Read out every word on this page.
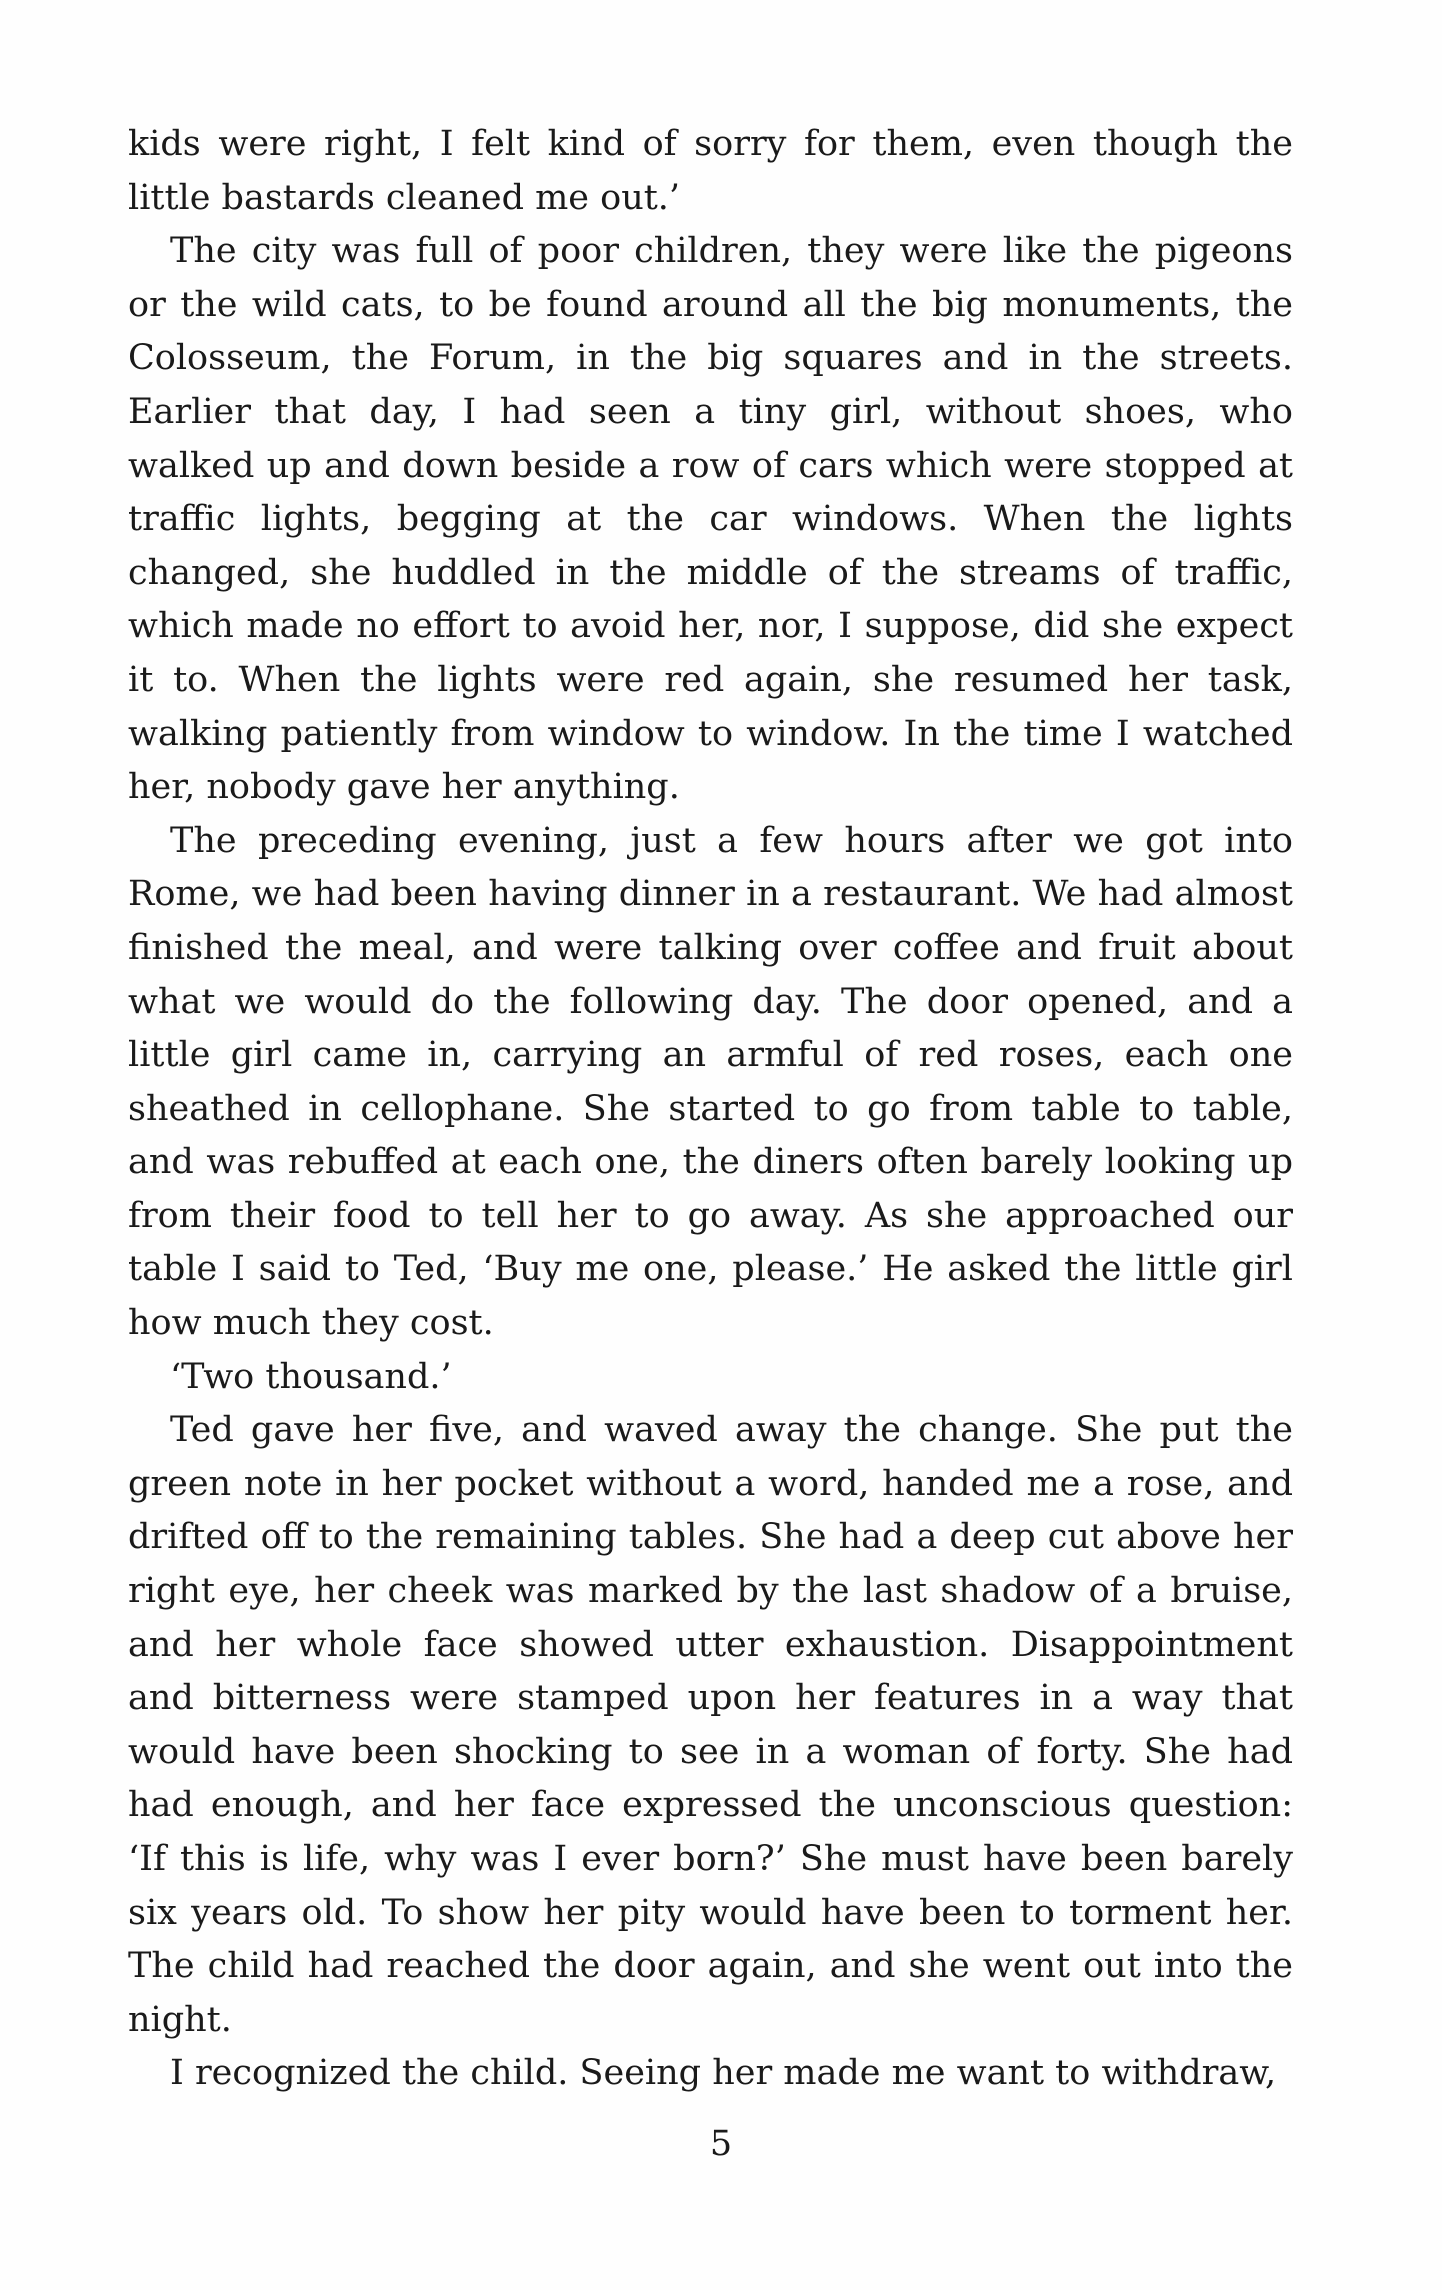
kids were right, I felt kind of sorry for them, even though the little bastards cleaned me out.’

The city was full of poor children, they were like the pigeons or the wild cats, to be found around all the big monuments, the Colosseum, the Forum, in the big squares and in the streets. Earlier that day, I had seen a tiny girl, without shoes, who walked up and down beside a row of cars which were stopped at traffic lights, begging at the car windows. When the lights changed, she huddled in the middle of the streams of traffic, which made no effort to avoid her, nor, I suppose, did she expect it to. When the lights were red again, she resumed her task, walking patiently from window to window. In the time I watched her, nobody gave her anything.

The preceding evening, just a few hours after we got into Rome, we had been having dinner in a restaurant. We had almost finished the meal, and were talking over coffee and fruit about what we would do the following day. The door opened, and a little girl came in, carrying an armful of red roses, each one sheathed in cellophane. She started to go from table to table, and was rebuffed at each one, the diners often barely looking up from their food to tell her to go away. As she approached our table I said to Ted, ‘Buy me one, please.’ He asked the little girl how much they cost.

‘Two thousand.’

Ted gave her five, and waved away the change. She put the green note in her pocket without a word, handed me a rose, and drifted off to the remaining tables. She had a deep cut above her right eye, her cheek was marked by the last shadow of a bruise, and her whole face showed utter exhaustion. Disappointment and bitterness were stamped upon her features in a way that would have been shocking to see in a woman of forty. She had had enough, and her face expressed the unconscious question: ‘If this is life, why was I ever born?’ She must have been barely six years old. To show her pity would have been to torment her. The child had reached the door again, and she went out into the night.

I recognized the child. Seeing her made me want to withdraw,

5
